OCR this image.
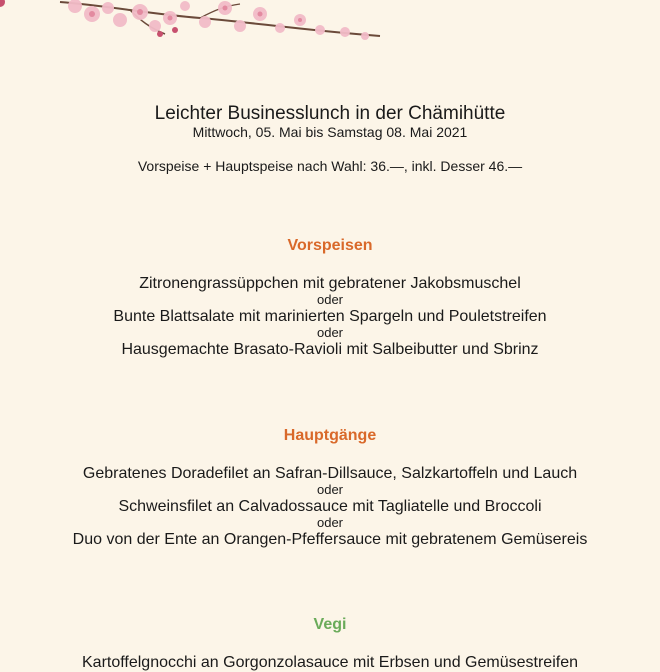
Leichter Businesslunch in der Chämihütte
Mittwoch, 05. Mai bis Samstag 08. Mai 2021
Vorspeise + Hauptspeise nach Wahl: 36.—, inkl. Desser 46.—
Vorspeisen
Zitronengrassüppchen mit gebratener Jakobsmuschel
oder
Bunte Blattsalate mit marinierten Spargeln und Pouletstreifen
oder
Hausgemachte Brasato-Ravioli mit Salbeibutter und Sbrinz
Hauptgänge
Gebratenes Doradefilet an Safran-Dillsauce, Salzkartoffeln und Lauch
oder
Schweinsfilet an Calvadossauce mit Tagliatelle und Broccoli
oder
Duo von der Ente an Orangen-Pfeffersauce mit gebratenem Gemüsereis
Vegi
Kartoffelgnocchi an Gorgonzolasauce mit Erbsen und Gemüsestreifen
